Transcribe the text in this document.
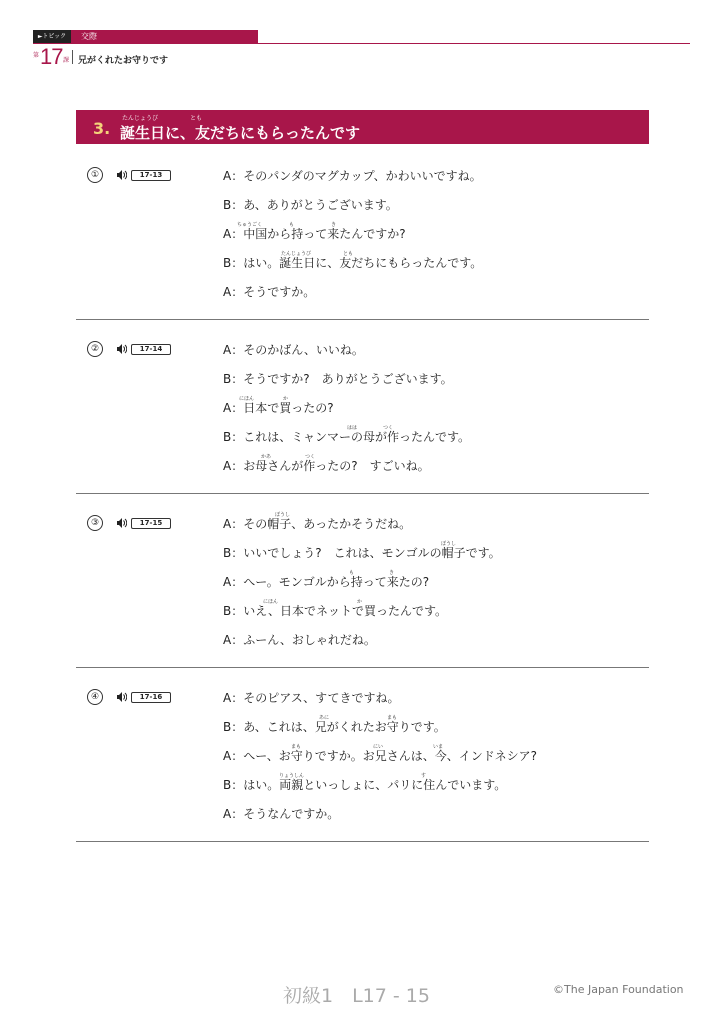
►トピック	交際
第 17 課 兄がくれたお守りです
3.
たんじょうび	とも
誕生日に、友だちにもらったんです
①	17-13	A：そのパンダのマグカップ、かわいいですね。
B：あ、ありがとうございます。
ちゅうごく	も	き
A：中国から持って来たんですか?
たんじょうび	とも
B：はい。誕生日に、友だちにもらったんです。
A：そうですか。
②	17-14	A：そのかばん、いいね。
B：そうですか?　ありがとうございます。
にほん	か
A：日本で買ったの?
はは	つく
B：これは、ミャンマーの母が作ったんです。
かあ	つく
A：お母さんが作ったの?　すごいね。
③	17-15
ぼうし
A：その帽子、あったかそうだね。
ぼうし
B：いいでしょう?　これは、モンゴルの帽子です。
も	き
A：へー。モンゴルから持って来たの?
にほん	か
B：いえ、日本でネットで買ったんです。
A：ふーん、おしゃれだね。
④	17-16	A：そのピアス、すてきですね。
あに	まも
B：あ、これは、兄がくれたお守りです。
まも	にい	いま
A：へー、お守りですか。お兄さんは、今、インドネシア?
りょうしん	す
B：はい。両親といっしょに、パリに住んでいます。
A：そうなんですか。
初級1　L17 - 15	©The Japan Foundation
